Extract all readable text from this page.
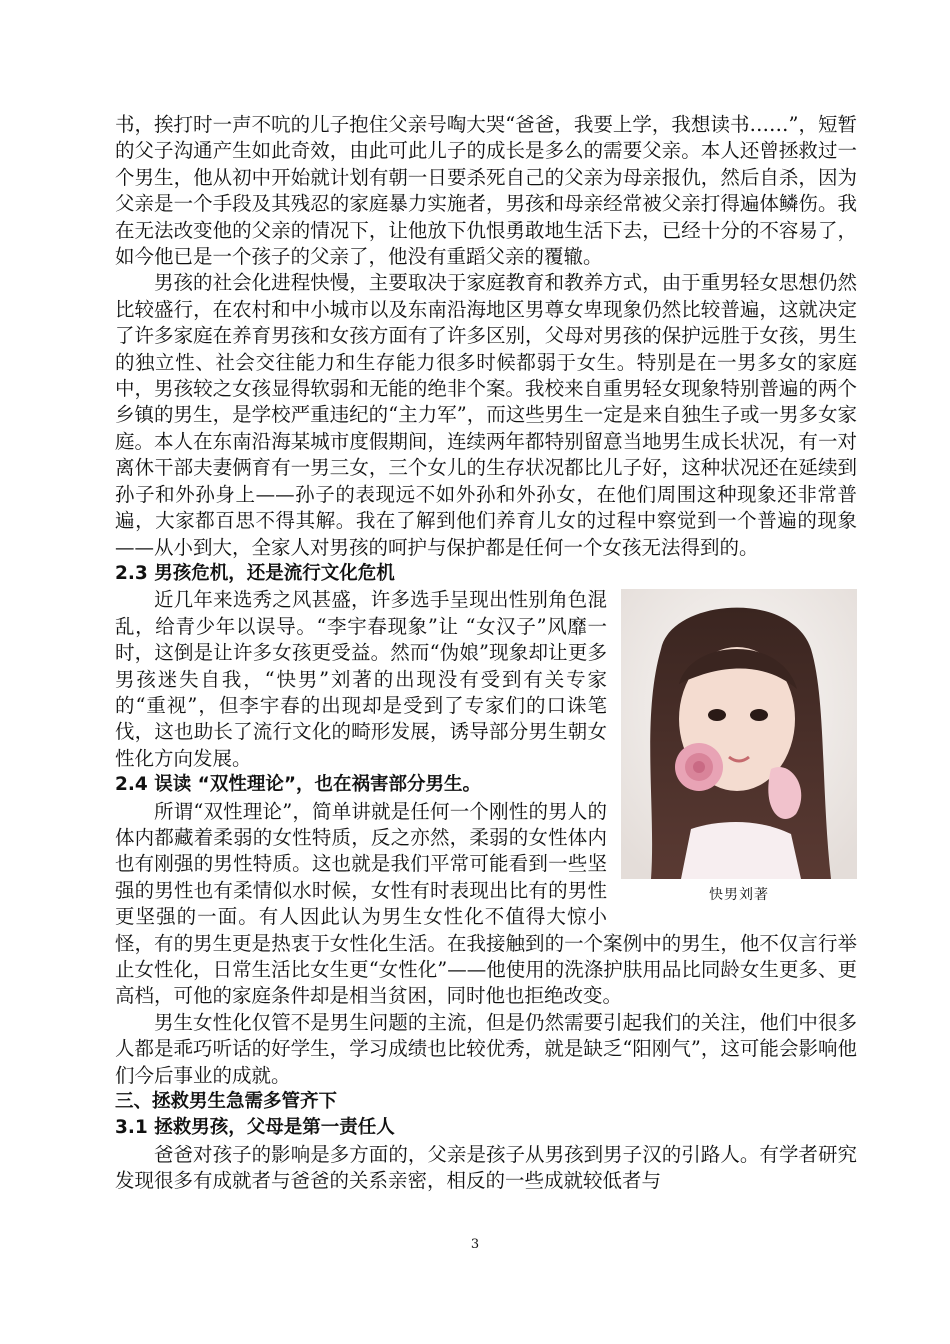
书，挨打时一声不吭的儿子抱住父亲号啕大哭“爸爸，我要上学，我想读书……”，短暂的父子沟通产生如此奇效，由此可此儿子的成长是多么的需要父亲。本人还曾拯救过一个男生，他从初中开始就计划有朝一日要杀死自己的父亲为母亲报仇，然后自杀，因为父亲是一个手段及其残忍的家庭暴力实施者，男孩和母亲经常被父亲打得遍体鳞伤。我在无法改变他的父亲的情况下，让他放下仇恨勇敢地生活下去，已经十分的不容易了，如今他已是一个孩子的父亲了，他没有重蹈父亲的覆辙。

男孩的社会化进程快慢，主要取决于家庭教育和教养方式，由于重男轻女思想仍然比较盛行，在农村和中小城市以及东南沿海地区男尊女卑现象仍然比较普遍，这就决定了许多家庭在养育男孩和女孩方面有了许多区别，父母对男孩的保护远胜于女孩，男生的独立性、社会交往能力和生存能力很多时候都弱于女生。特别是在一男多女的家庭中，男孩较之女孩显得软弱和无能的绝非个案。我校来自重男轻女现象特别普遍的两个乡镇的男生，是学校严重违纪的“主力军”，而这些男生一定是来自独生子或一男多女家庭。本人在东南沿海某城市度假期间，连续两年都特别留意当地男生成长状况，有一对离休干部夫妻俩育有一男三女，三个女儿的生存状况都比儿子好，这种状况还在延续到孙子和外孙身上——孙子的表现远不如外孙和外孙女，在他们周围这种现象还非常普遍，大家都百思不得其解。我在了解到他们养育儿女的过程中察觉到一个普遍的现象——从小到大，全家人对男孩的呵护与保护都是任何一个女孩无法得到的。

2.3 男孩危机，还是流行文化危机

快男刘著

近几年来选秀之风甚盛，许多选手呈现出性别角色混乱，给青少年以误导。“李宇春现象”让 “女汉子”风靡一时，这倒是让许多女孩更受益。然而“伪娘”现象却让更多男孩迷失自我，“快男”刘著的出现没有受到有关专家的“重视”，但李宇春的出现却是受到了专家们的口诛笔伐，这也助长了流行文化的畸形发展，诱导部分男生朝女性化方向发展。

2.4 误读 “双性理论”，也在祸害部分男生。

所谓“双性理论”，简单讲就是任何一个刚性的男人的体内都藏着柔弱的女性特质，反之亦然，柔弱的女性体内也有刚强的男性特质。这也就是我们平常可能看到一些坚强的男性也有柔情似水时候，女性有时表现出比有的男性更坚强的一面。有人因此认为男生女性化不值得大惊小怪，有的男生更是热衷于女性化生活。在我接触到的一个案例中的男生，他不仅言行举止女性化，日常生活比女生更“女性化”——他使用的洗涤护肤用品比同龄女生更多、更高档，可他的家庭条件却是相当贫困，同时他也拒绝改变。

男生女性化仅管不是男生问题的主流，但是仍然需要引起我们的关注，他们中很多人都是乖巧听话的好学生，学习成绩也比较优秀，就是缺乏“阳刚气”，这可能会影响他们今后事业的成就。

三、拯救男生急需多管齐下

3.1 拯救男孩，父母是第一责任人

爸爸对孩子的影响是多方面的，父亲是孩子从男孩到男子汉的引路人。有学者研究发现很多有成就者与爸爸的关系亲密，相反的一些成就较低者与

3
